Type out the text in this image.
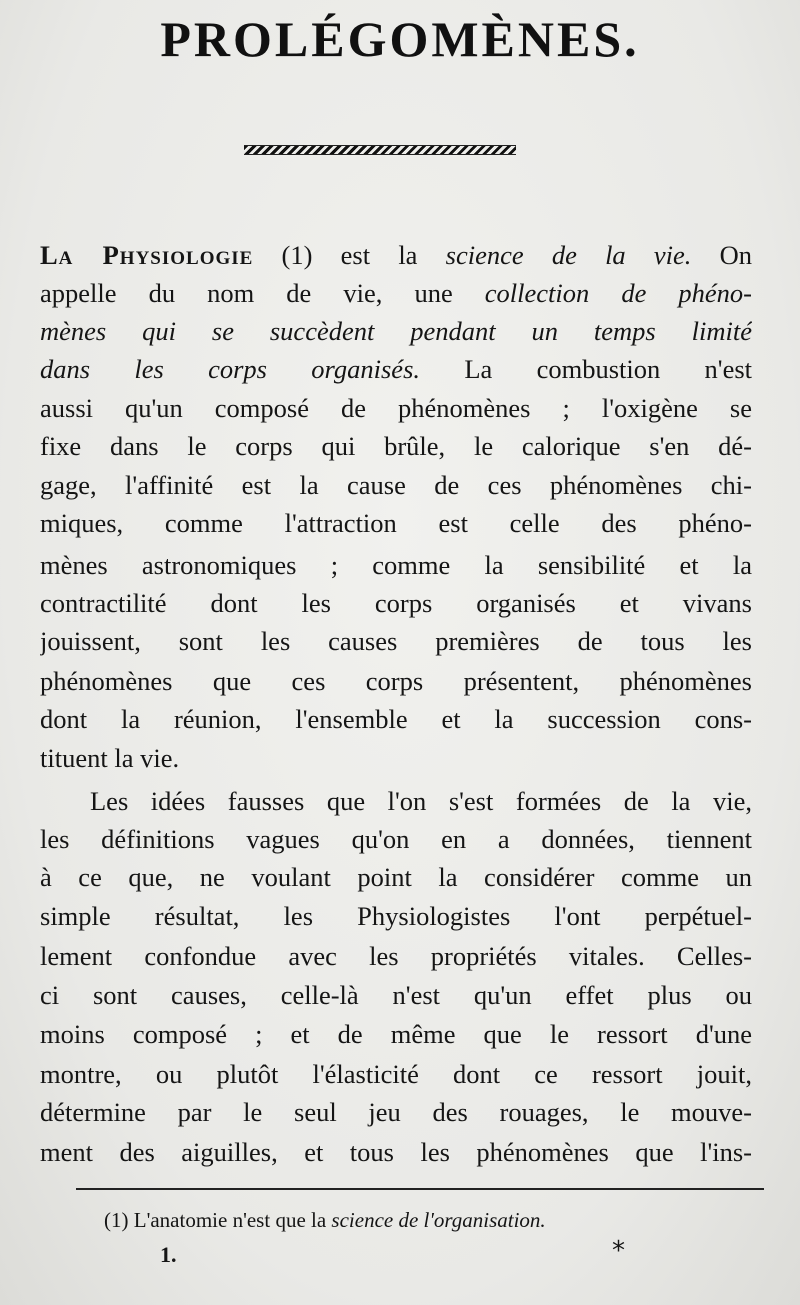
PROLÉGOMÈNES.
La Physiologie (1) est la science de la vie. On
appelle du nom de vie, une collection de phéno-
mènes qui se succèdent pendant un temps limité
dans les corps organisés. La combustion n'est
aussi qu'un composé de phénomènes ; l'oxigène se
fixe dans le corps qui brûle, le calorique s'en dé-
gage, l'affinité est la cause de ces phénomènes chi-
miques, comme l'attraction est celle des phéno-
mènes astronomiques ; comme la sensibilité et la
contractilité dont les corps organisés et vivans
jouissent, sont les causes premières de tous les
phénomènes que ces corps présentent, phénomènes
dont la réunion, l'ensemble et la succession cons-
tituent la vie.
Les idées fausses que l'on s'est formées de la vie,
les définitions vagues qu'on en a données, tiennent
à ce que, ne voulant point la considérer comme un
simple résultat, les Physiologistes l'ont perpétuel-
lement confondue avec les propriétés vitales. Celles-
ci sont causes, celle-là n'est qu'un effet plus ou
moins composé ; et de même que le ressort d'une
montre, ou plutôt l'élasticité dont ce ressort jouit,
détermine par le seul jeu des rouages, le mouve-
ment des aiguilles, et tous les phénomènes que l'ins-
(1) L'anatomie n'est que la science de l'organisation.
1.	*
